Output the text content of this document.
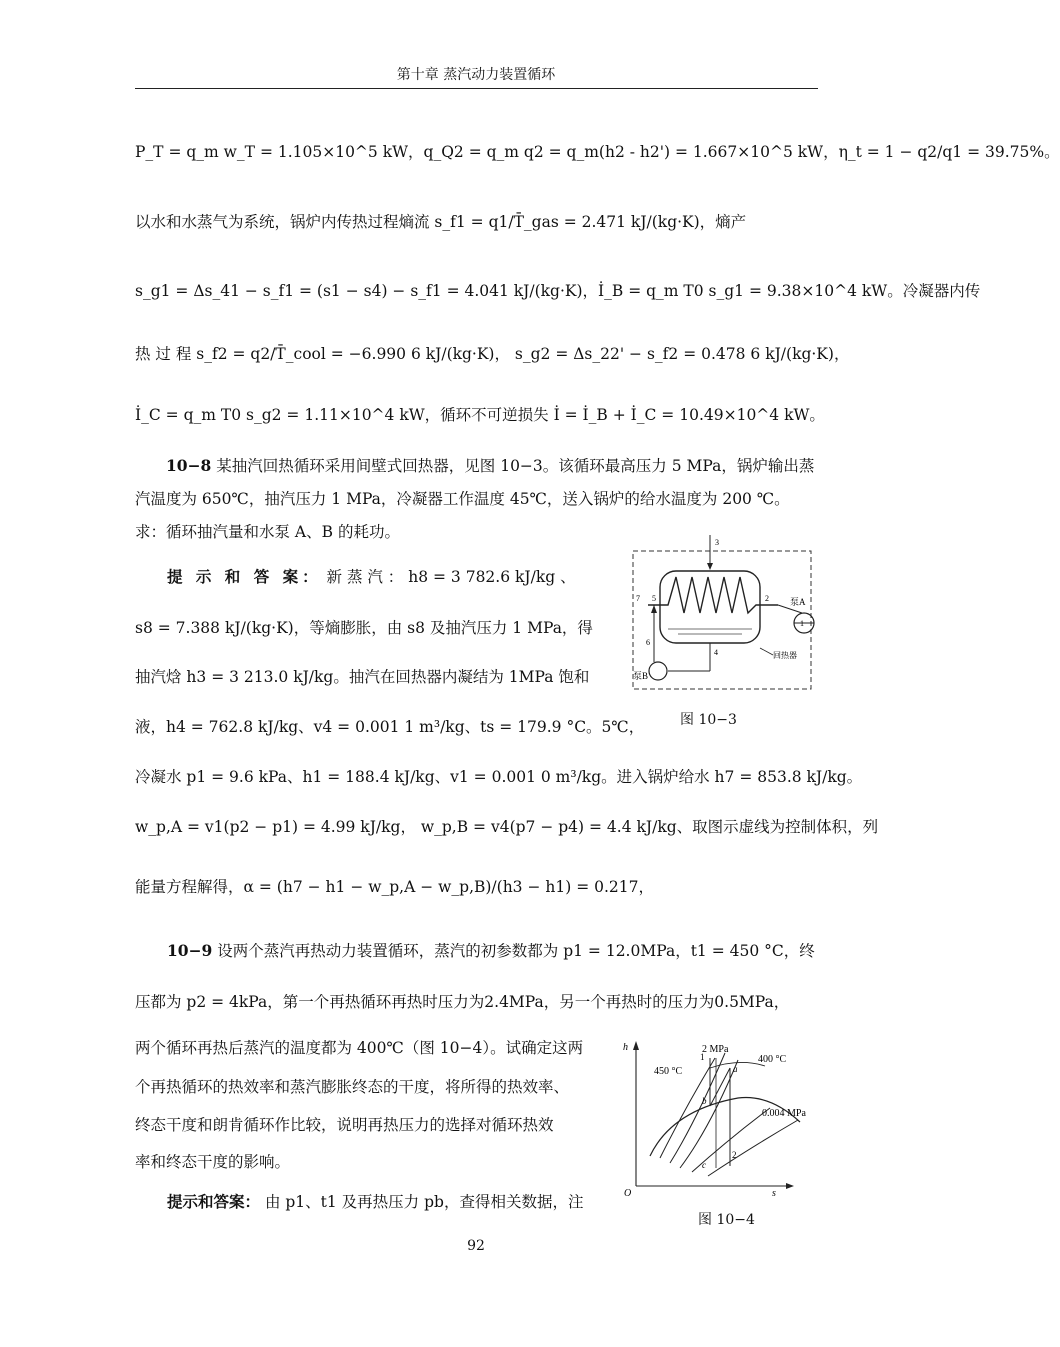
第十章 蒸汽动力装置循环
P_T = q_m w_T = 1.105×10^5 kW，q_Q2 = q_m q2 = q_m(h2 - h2') = 1.667×10^5 kW，η_t = 1 − q2/q1 = 39.75%。
以水和水蒸气为系统，锅炉内传热过程熵流 s_f1 = q1/T̄_gas = 2.471 kJ/(kg·K)，熵产
s_g1 = Δs_41 − s_f1 = (s1 − s4) − s_f1 = 4.041 kJ/(kg·K)，İ_B = q_m T0 s_g1 = 9.38×10^4 kW。冷凝器内传
热 过 程 s_f2 = q2/T̄_cool = −6.990 6 kJ/(kg·K)， s_g2 = Δs_22' − s_f2 = 0.478 6 kJ/(kg·K)，
İ_C = q_m T0 s_g2 = 1.11×10^4 kW，循环不可逆损失 İ = İ_B + İ_C = 10.49×10^4 kW。
10−8 某抽汽回热循环采用间壁式回热器，见图 10−3。该循环最高压力 5 MPa，锅炉输出蒸汽温度为 650℃，抽汽压力 1 MPa，冷凝器工作温度 45℃，送入锅炉的给水温度为 200 ℃。求：循环抽汽量和水泵 A、B 的耗功。
提 示 和 答 案： 新 蒸 汽 ： h8 = 3 782.6 kJ/kg 、
s8 = 7.388 kJ/(kg·K)，等熵膨胀，由 s8 及抽汽压力 1 MPa，得
抽汽焓 h3 = 3 213.0 kJ/kg。抽汽在回热器内凝结为 1MPa 饱和
液，h4 = 762.8 kJ/kg、v4 = 0.001 1 m³/kg、ts = 179.9 °C。5℃，
冷凝水 p1 = 9.6 kPa、h1 = 188.4 kJ/kg、v1 = 0.001 0 m³/kg。进入锅炉给水 h7 = 853.8 kJ/kg。
w_p,A = v1(p2 − p1) = 4.99 kJ/kg， w_p,B = v4(p7 − p4) = 4.4 kJ/kg、取图示虚线为控制体积，列
能量方程解得，α = (h7 − h1 − w_p,A − w_p,B)/(h3 − h1) = 0.217，
3
7 5	2
1
6
4
泵A
泵B
回热器
图 10−3
10−9 设两个蒸汽再热动力装置循环，蒸汽的初参数都为 p1 = 12.0MPa，t1 = 450 °C，终
压都为 p2 = 4kPa，第一个再热循环再热时压力为2.4MPa，另一个再热时的压力为0.5MPa，
两个循环再热后蒸汽的温度都为 400℃（图 10−4）。试确定这两
个再热循环的热效率和蒸汽膨胀终态的干度，将所得的热效率、
终态干度和朗肯循环作比较，说明再热压力的选择对循环热效
率和终态干度的影响。
提示和答案： 由 p1、t1 及再热压力 pb，查得相关数据，注
h
s
O
2 MPa
450 °C
400 °C
0.004 MPa
1
a
b
c
2
图 10−4
92
